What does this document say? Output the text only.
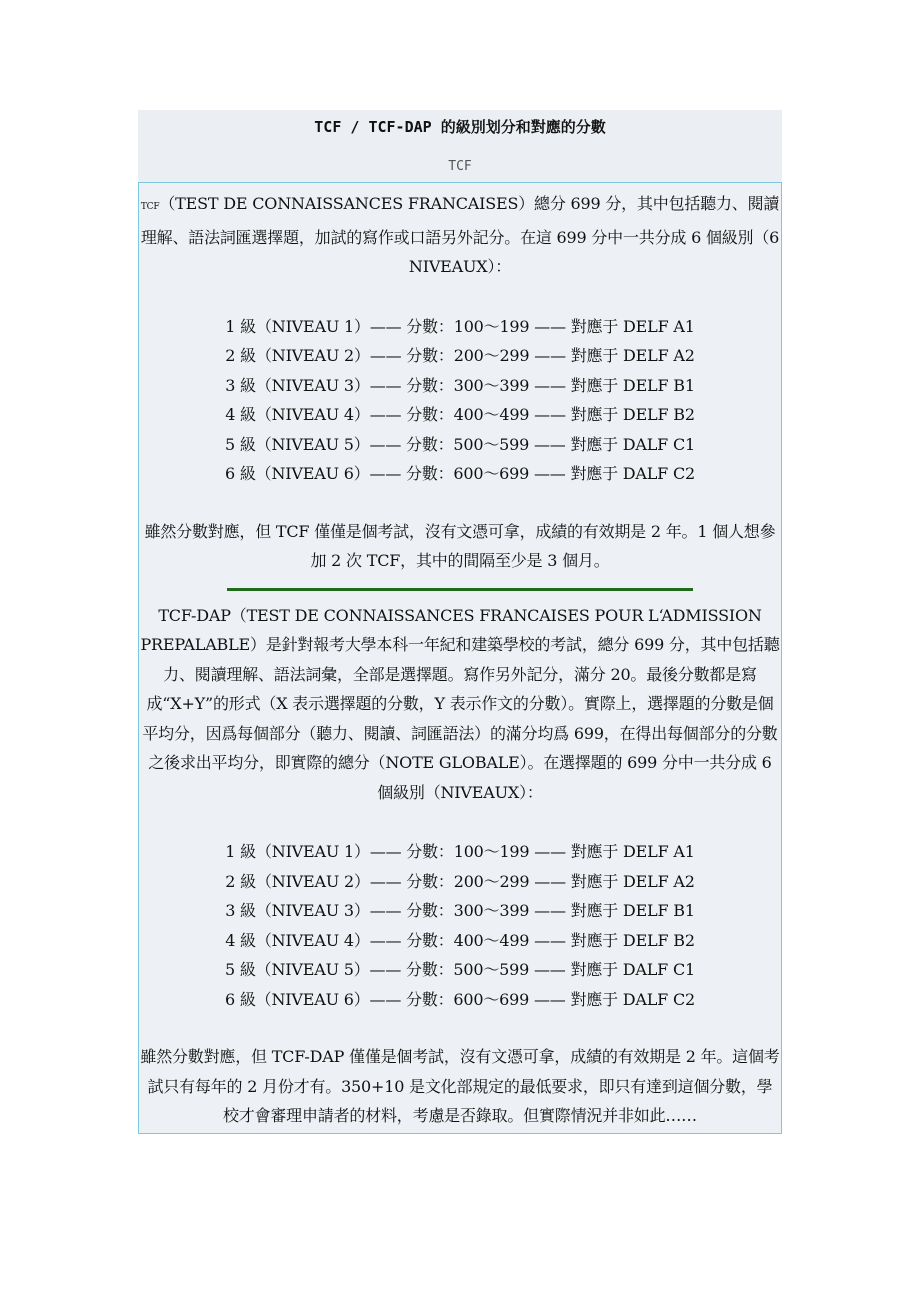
TCF / TCF-DAP 的級別划分和對應的分數
TCF
TCF（TEST DE CONNAISSANCES FRANCAISES）總分 699 分，其中包括聽力、閱讀理解、語法詞匯選擇題，加試的寫作或口語另外記分。在這 699 分中一共分成 6 個級別（6 NIVEAUX）：
1 級（NIVEAU 1）—— 分數：100～199 —— 對應于 DELF A1
2 級（NIVEAU 2）—— 分數：200～299 —— 對應于 DELF A2
3 級（NIVEAU 3）—— 分數：300～399 —— 對應于 DELF B1
4 級（NIVEAU 4）—— 分數：400～499 —— 對應于 DELF B2
5 級（NIVEAU 5）—— 分數：500～599 —— 對應于 DALF C1
6 級（NIVEAU 6）—— 分數：600～699 —— 對應于 DALF C2
雖然分數對應，但 TCF 僅僅是個考試，沒有文憑可拿，成績的有效期是 2 年。1 個人想參加 2 次 TCF，其中的間隔至少是 3 個月。
TCF-DAP（TEST DE CONNAISSANCES FRANCAISES POUR L‘ADMISSION PREPALABLE）是針對報考大學本科一年紀和建築學校的考試，總分 699 分，其中包括聽力、閱讀理解、語法詞彙，全部是選擇題。寫作另外記分，滿分 20。最後分數都是寫成“X+Y”的形式（X 表示選擇題的分數，Y 表示作文的分數）。實際上，選擇題的分數是個平均分，因爲每個部分（聽力、閱讀、詞匯語法）的滿分均爲 699，在得出每個部分的分數之後求出平均分，即實際的總分（NOTE GLOBALE）。在選擇題的 699 分中一共分成 6 個級別（NIVEAUX）：
1 級（NIVEAU 1）—— 分數：100～199 —— 對應于 DELF A1
2 級（NIVEAU 2）—— 分數：200～299 —— 對應于 DELF A2
3 級（NIVEAU 3）—— 分數：300～399 —— 對應于 DELF B1
4 級（NIVEAU 4）—— 分數：400～499 —— 對應于 DELF B2
5 級（NIVEAU 5）—— 分數：500～599 —— 對應于 DALF C1
6 級（NIVEAU 6）—— 分數：600～699 —— 對應于 DALF C2
雖然分數對應，但 TCF-DAP 僅僅是個考試，沒有文憑可拿，成績的有效期是 2 年。這個考試只有每年的 2 月份才有。350+10 是文化部規定的最低要求，即只有達到這個分數，學校才會審理申請者的材料，考慮是否錄取。但實際情況并非如此……
